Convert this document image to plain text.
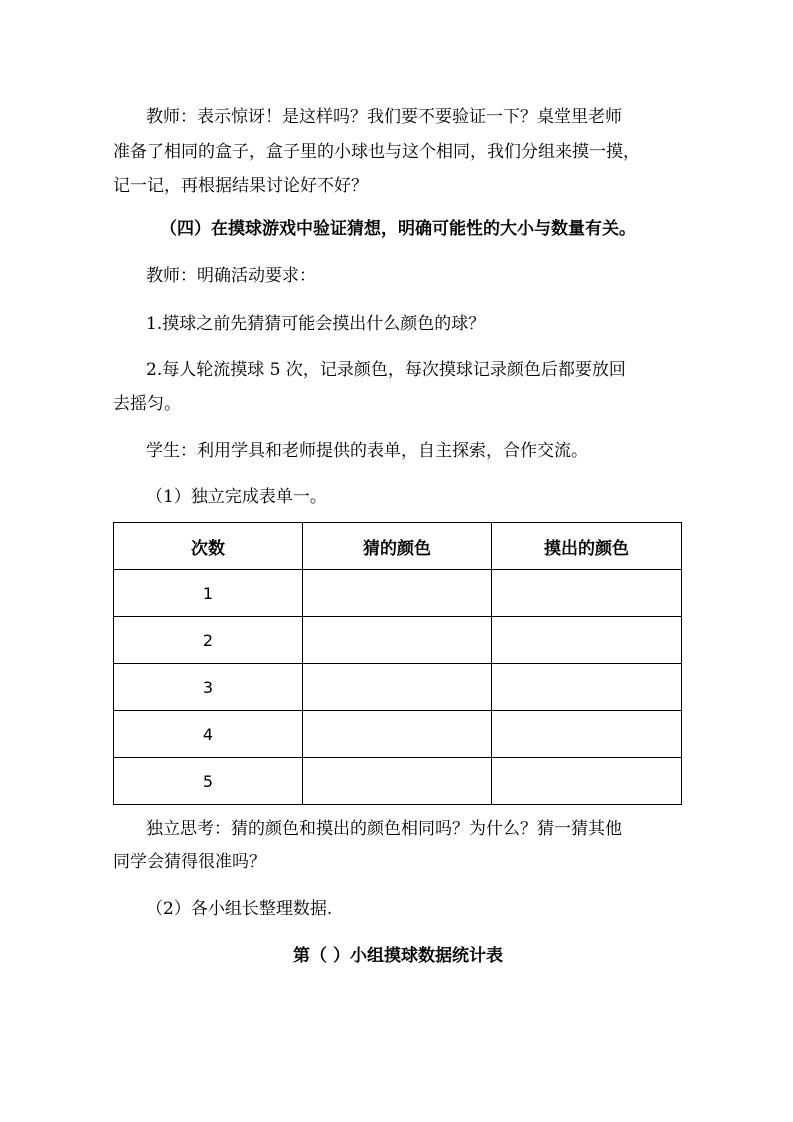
教师：表示惊讶！是这样吗？我们要不要验证一下？桌堂里老师
准备了相同的盒子，盒子里的小球也与这个相同，我们分组来摸一摸，
记一记，再根据结果讨论好不好？
（四）在摸球游戏中验证猜想，明确可能性的大小与数量有关。
教师：明确活动要求：
1.摸球之前先猜猜可能会摸出什么颜色的球？
2.每人轮流摸球 5 次，记录颜色，每次摸球记录颜色后都要放回
去摇匀。
学生：利用学具和老师提供的表单，自主探索，合作交流。
（1）独立完成表单一。
次数	猜的颜色	摸出的颜色
1		
2		
3		
4		
5		
独立思考：猜的颜色和摸出的颜色相同吗？为什么？猜一猜其他
同学会猜得很准吗？
（2）各小组长整理数据.
第（ ）小组摸球数据统计表
